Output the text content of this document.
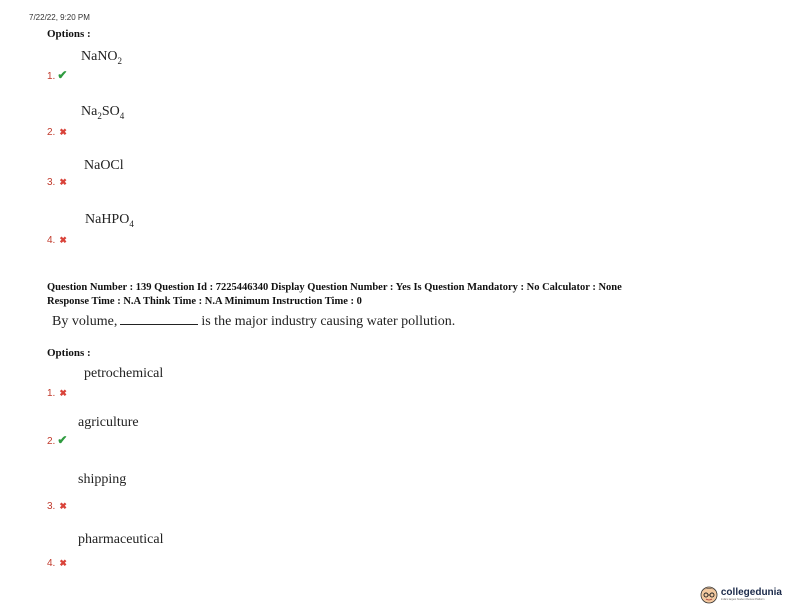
7/22/22, 9:20 PM
Options :
NaNO$_2$
1. ✔
$Na_2SO_4$
2. ✖
NaOCl
3. ✖
NaHPO$_4$
4. ✖
Question Number : 139 Question Id : 7225446340 Display Question Number : Yes Is Question Mandatory : No Calculator : None
Response Time : N.A Think Time : N.A Minimum Instruction Time : 0
By volume,	is the major industry causing water pollution.
Options :
petrochemical
1. ✖
agriculture
2. ✔
shipping
3. ✖
pharmaceutical
4. ✖
collegedunia
India's largest Student Review Platform
